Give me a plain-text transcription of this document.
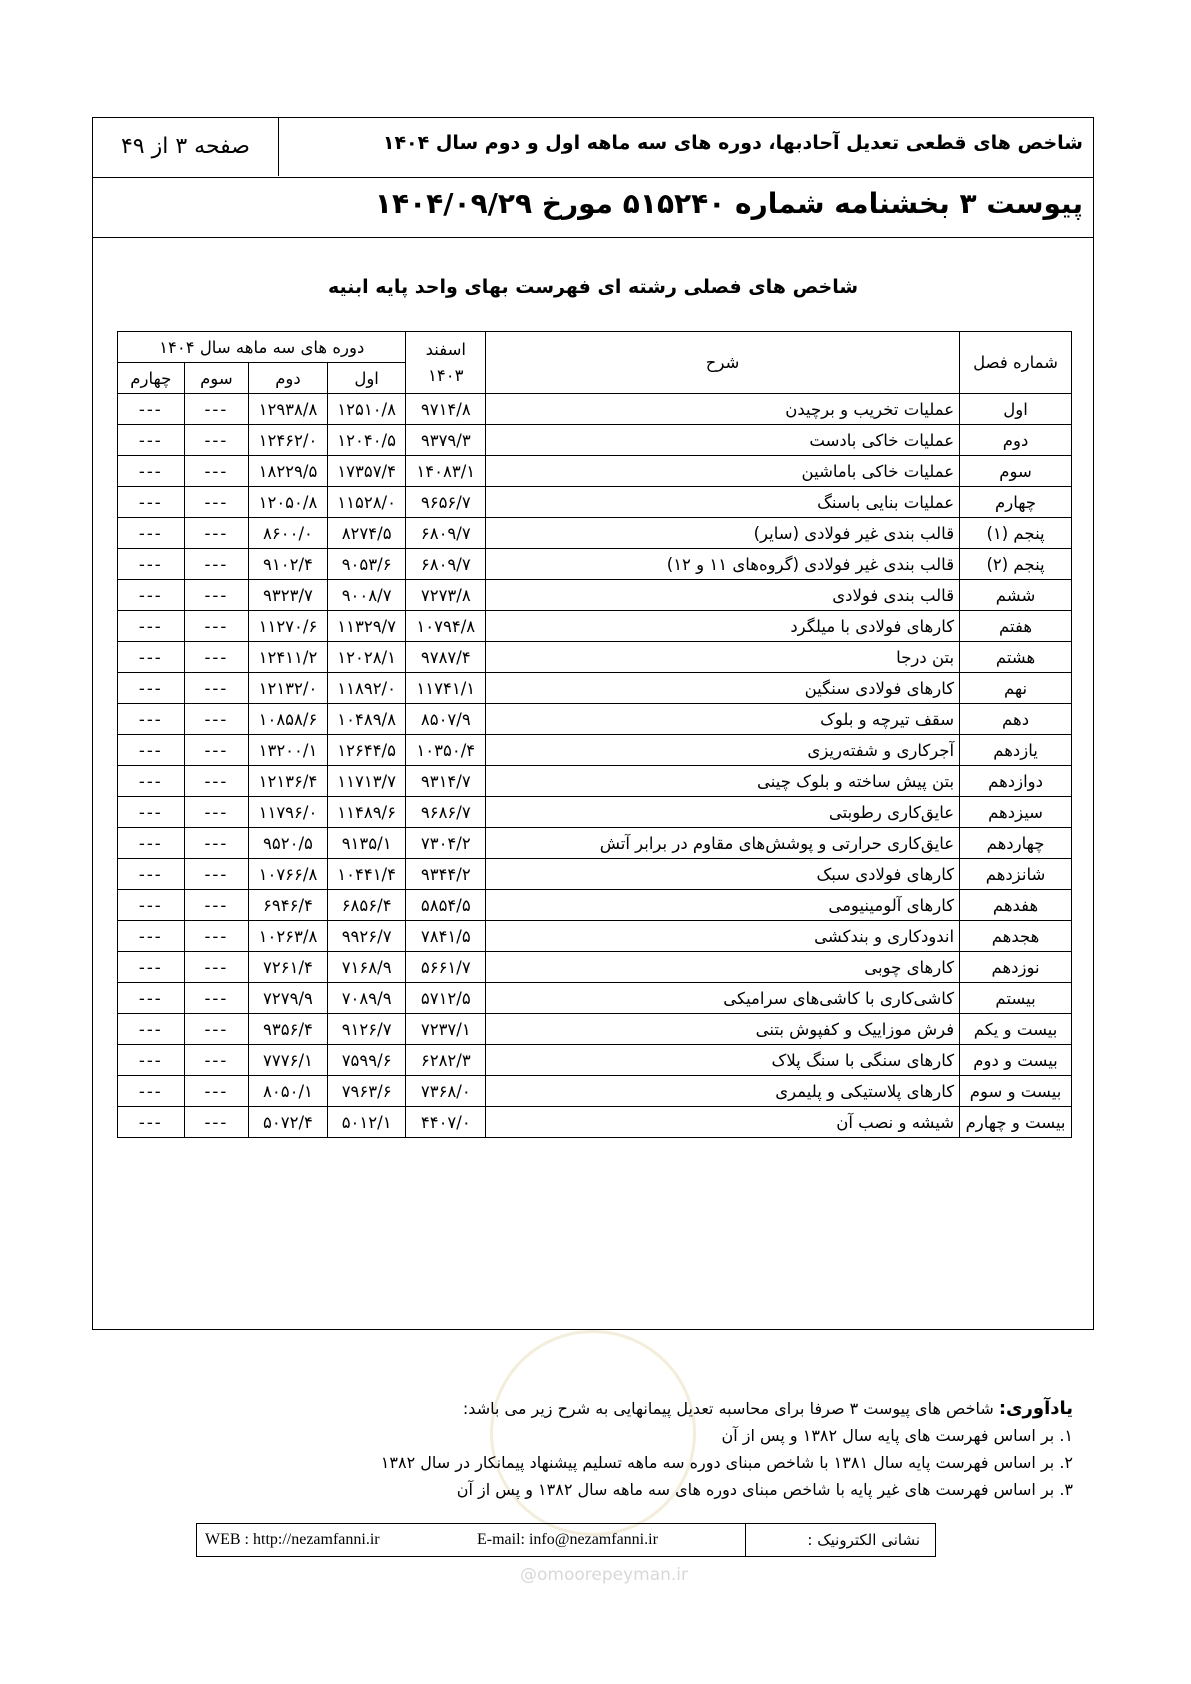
@omoorepeyman.ir
شاخص های قطعی تعدیل آحادبها، دوره های سه ماهه اول و دوم سال ۱۴۰۴
صفحه ۳ از ۴۹
پیوست ۳ بخشنامه شماره ۵۱۵۲۴۰ مورخ ۱۴۰۴/۰۹/۲۹
شاخص های فصلی رشته ای فهرست بهای واحد پایه ابنیه
شماره فصل	شرح	اسفند ۱۴۰۳	دوره های سه ماهه سال ۱۴۰۴			
			اول	دوم	سوم	چهارم
اول	عملیات تخریب و برچیدن	۹۷۱۴/۸	۱۲۵۱۰/۸	۱۲۹۳۸/۸	---	---
دوم	عملیات خاکی بادست	۹۳۷۹/۳	۱۲۰۴۰/۵	۱۲۴۶۲/۰	---	---
سوم	عملیات خاکی باماشین	۱۴۰۸۳/۱	۱۷۳۵۷/۴	۱۸۲۲۹/۵	---	---
چهارم	عملیات بنایی باسنگ	۹۶۵۶/۷	۱۱۵۲۸/۰	۱۲۰۵۰/۸	---	---
پنجم (۱)	قالب بندی غیر فولادی (سایر)	۶۸۰۹/۷	۸۲۷۴/۵	۸۶۰۰/۰	---	---
پنجم (۲)	قالب بندی غیر فولادی (گروه‌های ۱۱ و ۱۲)	۶۸۰۹/۷	۹۰۵۳/۶	۹۱۰۲/۴	---	---
ششم	قالب بندی فولادی	۷۲۷۳/۸	۹۰۰۸/۷	۹۳۲۳/۷	---	---
هفتم	کارهای فولادی با میلگرد	۱۰۷۹۴/۸	۱۱۳۲۹/۷	۱۱۲۷۰/۶	---	---
هشتم	بتن درجا	۹۷۸۷/۴	۱۲۰۲۸/۱	۱۲۴۱۱/۲	---	---
نهم	کارهای فولادی سنگین	۱۱۷۴۱/۱	۱۱۸۹۲/۰	۱۲۱۳۲/۰	---	---
دهم	سقف تیرچه و بلوک	۸۵۰۷/۹	۱۰۴۸۹/۸	۱۰۸۵۸/۶	---	---
یازدهم	آجرکاری و شفته‌ریزی	۱۰۳۵۰/۴	۱۲۶۴۴/۵	۱۳۲۰۰/۱	---	---
دوازدهم	بتن پیش ساخته و بلوک چینی	۹۳۱۴/۷	۱۱۷۱۳/۷	۱۲۱۳۶/۴	---	---
سیزدهم	عایق‌کاری رطوبتی	۹۶۸۶/۷	۱۱۴۸۹/۶	۱۱۷۹۶/۰	---	---
چهاردهم	عایق‌کاری حرارتی و پوشش‌های مقاوم در برابر آتش	۷۳۰۴/۲	۹۱۳۵/۱	۹۵۲۰/۵	---	---
شانزدهم	کارهای فولادی سبک	۹۳۴۴/۲	۱۰۴۴۱/۴	۱۰۷۶۶/۸	---	---
هفدهم	کارهای آلومینیومی	۵۸۵۴/۵	۶۸۵۶/۴	۶۹۴۶/۴	---	---
هجدهم	اندودکاری و بندکشی	۷۸۴۱/۵	۹۹۲۶/۷	۱۰۲۶۳/۸	---	---
نوزدهم	کارهای چوبی	۵۶۶۱/۷	۷۱۶۸/۹	۷۲۶۱/۴	---	---
بیستم	کاشی‌کاری با کاشی‌های سرامیکی	۵۷۱۲/۵	۷۰۸۹/۹	۷۲۷۹/۹	---	---
بیست و یکم	فرش موزاییک و کفپوش بتنی	۷۲۳۷/۱	۹۱۲۶/۷	۹۳۵۶/۴	---	---
بیست و دوم	کارهای سنگی با سنگ پلاک	۶۲۸۲/۳	۷۵۹۹/۶	۷۷۷۶/۱	---	---
بیست و سوم	کارهای پلاستیکی و پلیمری	۷۳۶۸/۰	۷۹۶۳/۶	۸۰۵۰/۱	---	---
بیست و چهارم	شیشه و نصب آن	۴۴۰۷/۰	۵۰۱۲/۱	۵۰۷۲/۴	---	---
یادآوری: شاخص های پیوست ۳ صرفا برای محاسبه تعدیل پیمانهایی به شرح زیر می باشد:
۱. بر اساس فهرست های پایه سال ۱۳۸۲ و پس از آن
۲. بر اساس فهرست پایه سال ۱۳۸۱ با شاخص مبنای دوره سه ماهه تسلیم پیشنهاد پیمانکار در سال ۱۳۸۲
۳. بر اساس فهرست های غیر پایه با شاخص مبنای دوره های سه ماهه سال ۱۳۸۲ و پس از آن
نشانی الکترونیک :
WEB : http://nezamfanni.ir	E-mail: info@nezamfanni.ir
